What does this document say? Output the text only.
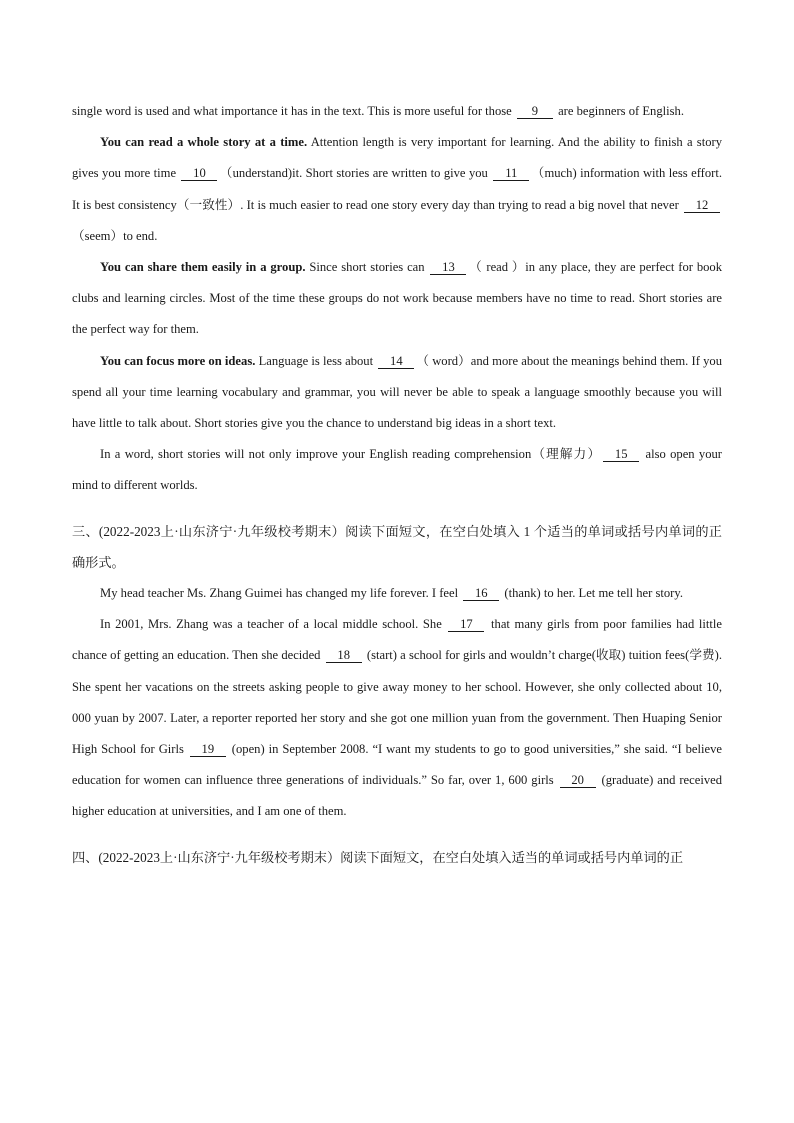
single word is used and what importance it has in the text. This is more useful for those 9 are beginners of English.

You can read a whole story at a time. Attention length is very important for learning. And the ability to finish a story gives you more time 10 （understand)it. Short stories are written to give you 11 （much) information with less effort. It is best consistency（一致性）. It is much easier to read one story every day than trying to read a big novel that never 12（seem）to end.

You can share them easily in a group. Since short stories can 13 （ read ）in any place, they are perfect for book clubs and learning circles. Most of the time these groups do not work because members have no time to read. Short stories are the perfect way for them.

You can focus more on ideas. Language is less about 14 （ word）and more about the meanings behind them. If you spend all your time learning vocabulary and grammar, you will never be able to speak a language smoothly because you will have little to talk about. Short stories give you the chance to understand big ideas in a short text.

In a word, short stories will not only improve your English reading comprehension（理解力） 15 also open your mind to different worlds.

三、(2022-2023上·山东济宁·九年级校考期末）阅读下面短文，在空白处填入 1 个适当的单词或括号内单词的正确形式。

My head teacher Ms. Zhang Guimei has changed my life forever. I feel 16 (thank) to her. Let me tell her story.

In 2001, Mrs. Zhang was a teacher of a local middle school. She 17 that many girls from poor families had little chance of getting an education. Then she decided 18 (start) a school for girls and wouldn’t charge(收取) tuition fees(学费). She spent her vacations on the streets asking people to give away money to her school. However, she only collected about 10, 000 yuan by 2007. Later, a reporter reported her story and she got one million yuan from the government. Then Huaping Senior High School for Girls 19 (open) in September 2008. “I want my students to go to good universities,” she said. “I believe education for women can influence three generations of individuals.” So far, over 1, 600 girls 20 (graduate) and received higher education at universities, and I am one of them.

四、(2022-2023上·山东济宁·九年级校考期末）阅读下面短文，在空白处填入适当的单词或括号内单词的正
